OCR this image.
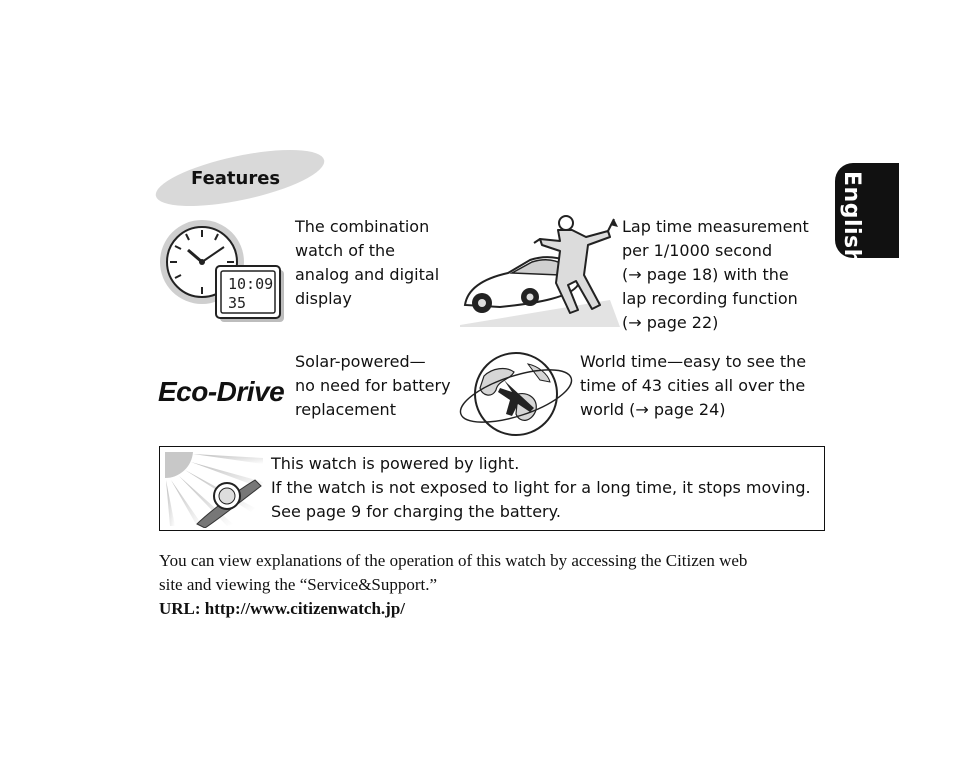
English
Features
10:09
35
The combination
watch of the
analog and digital
display
Lap time measurement
per 1/1000 second
(→ page 18) with the
lap recording function
(→ page 22)
Eco-Drive
Solar-powered—
no need for battery
replacement
World time—easy to see the
time of 43 cities all over the
world (→ page 24)
This watch is powered by light.
If the watch is not exposed to light for a long time, it stops moving.
See page 9 for charging the battery.
You can view explanations of the operation of this watch by accessing the Citizen web
site and viewing the “Service&Support.”
URL: http://www.citizenwatch.jp/
